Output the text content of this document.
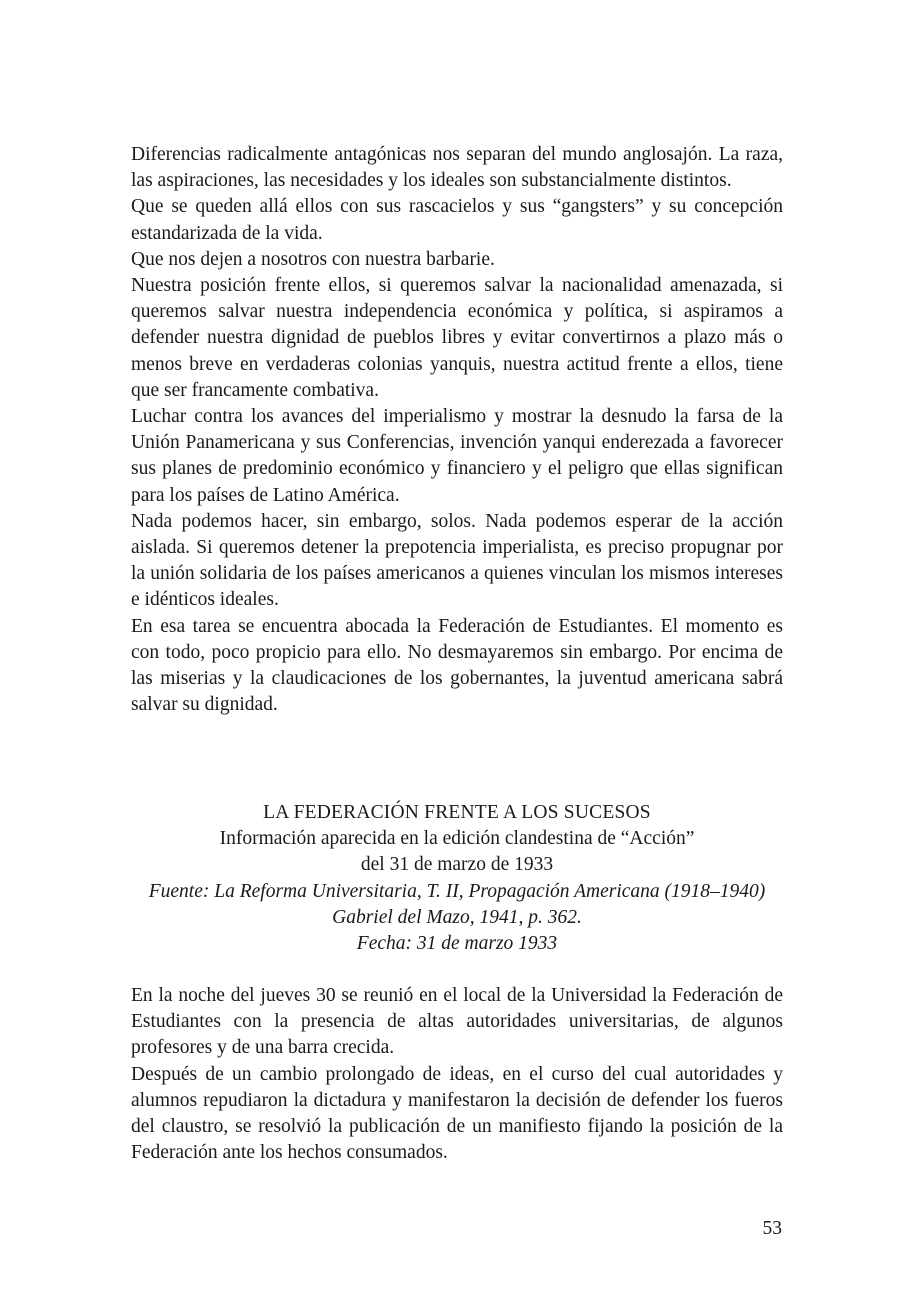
Diferencias radicalmente antagónicas nos separan del mundo anglosajón. La raza, las aspiraciones, las necesidades y los ideales son substancialmente distintos.

Que se queden allá ellos con sus rascacielos y sus “gangsters” y su concepción estandarizada de la vida.

Que nos dejen a nosotros con nuestra barbarie.

Nuestra posición frente ellos, si queremos salvar la nacionalidad amenazada, si queremos salvar nuestra independencia económica y política, si aspiramos a defender nuestra dignidad de pueblos libres y evitar convertirnos a plazo más o menos breve en verdaderas colonias yanquis, nuestra actitud frente a ellos, tiene que ser francamente combativa.

Luchar contra los avances del imperialismo y mostrar la desnudo la farsa de la Unión Panamericana y sus Conferencias, invención yanqui enderezada a favorecer sus planes de predominio económico y financiero y el peligro que ellas significan para los países de Latino América.

Nada podemos hacer, sin embargo, solos. Nada podemos esperar de la acción aislada. Si queremos detener la prepotencia imperialista, es preciso propugnar por la unión solidaria de los países americanos a quienes vinculan los mismos intereses e idénticos ideales.

En esa tarea se encuentra abocada la Federación de Estudiantes. El momento es con todo, poco propicio para ello. No desmayaremos sin embargo. Por encima de las miserias y la claudicaciones de los gobernantes, la juventud americana sabrá salvar su dignidad.

LA FEDERACIÓN FRENTE A LOS SUCESOS
Información aparecida en la edición clandestina de “Acción”
del 31 de marzo de 1933
Fuente: La Reforma Universitaria, T. II, Propagación Americana (1918–1940)
Gabriel del Mazo, 1941, p. 362.
Fecha: 31 de marzo 1933

En la noche del jueves 30 se reunió en el local de la Universidad la Federación de Estudiantes con la presencia de altas autoridades universitarias, de algunos profesores y de una barra crecida.

Después de un cambio prolongado de ideas, en el curso del cual autoridades y alumnos repudiaron la dictadura y manifestaron la decisión de defender los fueros del claustro, se resolvió la publicación de un manifiesto fijando la posición de la Federación ante los hechos consumados.

53
